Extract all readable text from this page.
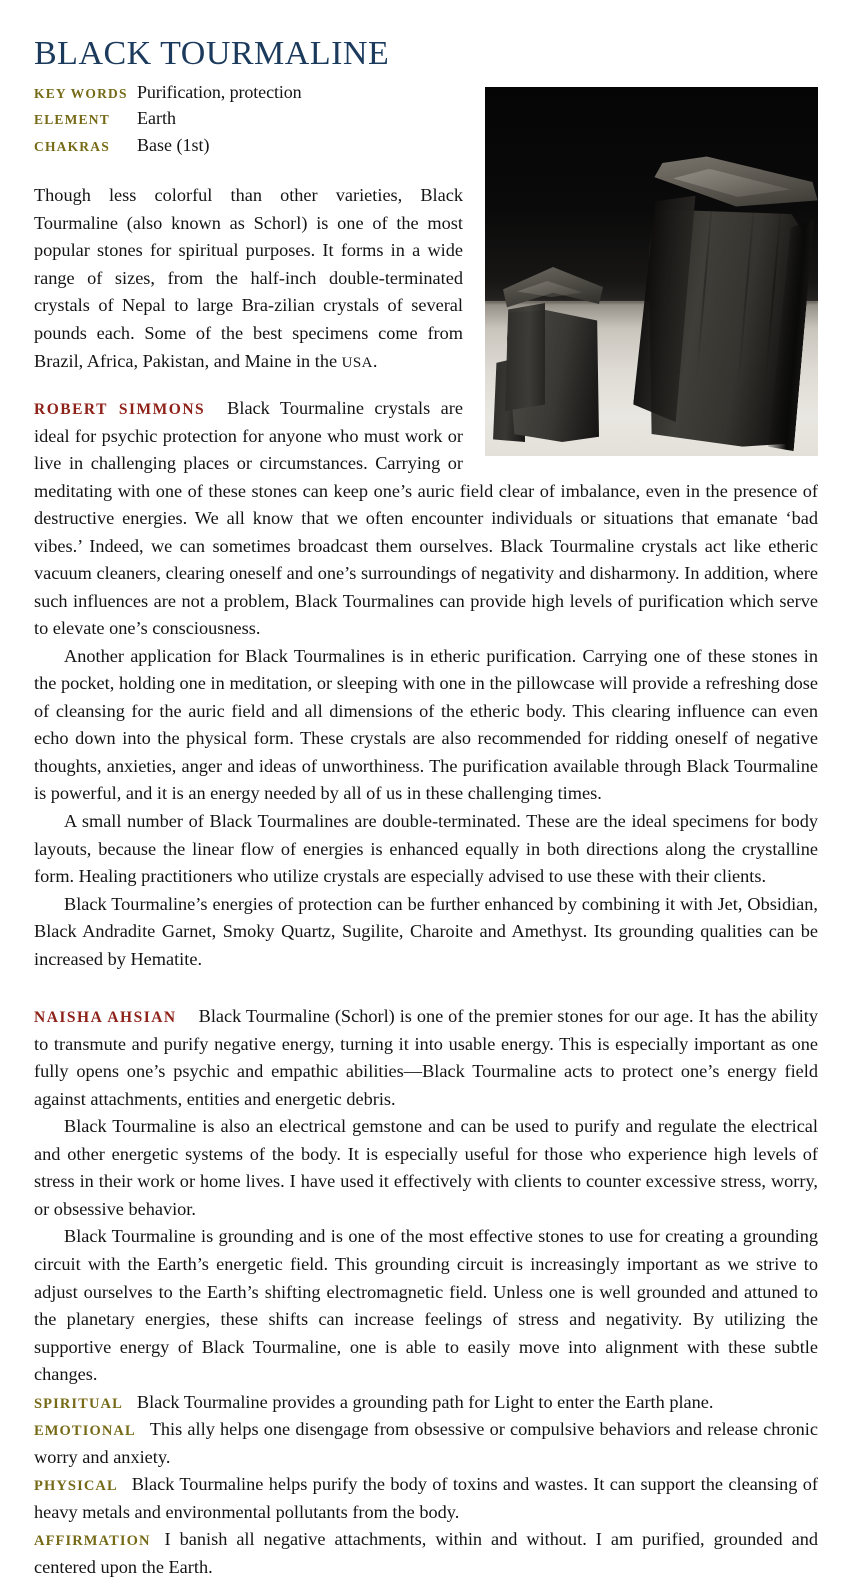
BLACK TOURMALINE
KEY WORDS Purification, protection
ELEMENT	Earth
CHAKRAS	Base (1st)

Though less colorful than other varieties, Black Tourmaline (also known as Schorl) is one of the most popular stones for spiritual purposes. It forms in a wide range of sizes, from the half-inch double-terminated crystals of Nepal to large Bra-zilian crystals of several pounds each. Some of the best specimens come from Brazil, Africa, Pakistan, and Maine in the USA.

ROBERT SIMMONS Black Tourmaline crystals are ideal for psychic protection for anyone who must work or live in challenging places or circumstances. Carrying or meditating with one of these stones can keep one’s auric field clear of imbalance, even in the presence of destructive energies. We all know that we often encounter individuals or situations that emanate ‘bad vibes.’ Indeed, we can sometimes broadcast them ourselves. Black Tourmaline crystals act like etheric vacuum cleaners, clearing oneself and one’s surroundings of negativity and disharmony. In addition, where such influences are not a problem, Black Tourmalines can provide high levels of purification which serve to elevate one’s consciousness.

Another application for Black Tourmalines is in etheric purification. Carrying one of these stones in the pocket, holding one in meditation, or sleeping with one in the pillowcase will provide a refreshing dose of cleansing for the auric field and all dimensions of the etheric body. This clearing influence can even echo down into the physical form. These crystals are also recommended for ridding oneself of negative thoughts, anxieties, anger and ideas of unworthiness. The purification available through Black Tourmaline is powerful, and it is an energy needed by all of us in these challenging times.

A small number of Black Tourmalines are double-terminated. These are the ideal specimens for body layouts, because the linear flow of energies is enhanced equally in both directions along the crystalline form. Healing practitioners who utilize crystals are especially advised to use these with their clients.

Black Tourmaline’s energies of protection can be further enhanced by combining it with Jet, Obsidian, Black Andradite Garnet, Smoky Quartz, Sugilite, Charoite and Amethyst. Its grounding qualities can be increased by Hematite.

NAISHA AHSIAN Black Tourmaline (Schorl) is one of the premier stones for our age. It has the ability to transmute and purify negative energy, turning it into usable energy. This is especially important as one fully opens one’s psychic and empathic abilities—Black Tourmaline acts to protect one’s energy field against attachments, entities and energetic debris.

Black Tourmaline is also an electrical gemstone and can be used to purify and regulate the electrical and other energetic systems of the body. It is especially useful for those who experience high levels of stress in their work or home lives. I have used it effectively with clients to counter excessive stress, worry, or obsessive behavior.

Black Tourmaline is grounding and is one of the most effective stones to use for creating a grounding circuit with the Earth’s energetic field. This grounding circuit is increasingly important as we strive to adjust ourselves to the Earth’s shifting electromagnetic field. Unless one is well grounded and attuned to the planetary energies, these shifts can increase feelings of stress and negativity. By utilizing the supportive energy of Black Tourmaline, one is able to easily move into alignment with these subtle changes.

SPIRITUAL Black Tourmaline provides a grounding path for Light to enter the Earth plane.

EMOTIONAL This ally helps one disengage from obsessive or compulsive behaviors and release chronic worry and anxiety.

PHYSICAL Black Tourmaline helps purify the body of toxins and wastes. It can support the cleansing of heavy metals and environmental pollutants from the body.

AFFIRMATION I banish all negative attachments, within and without. I am purified, grounded and centered upon the Earth.
